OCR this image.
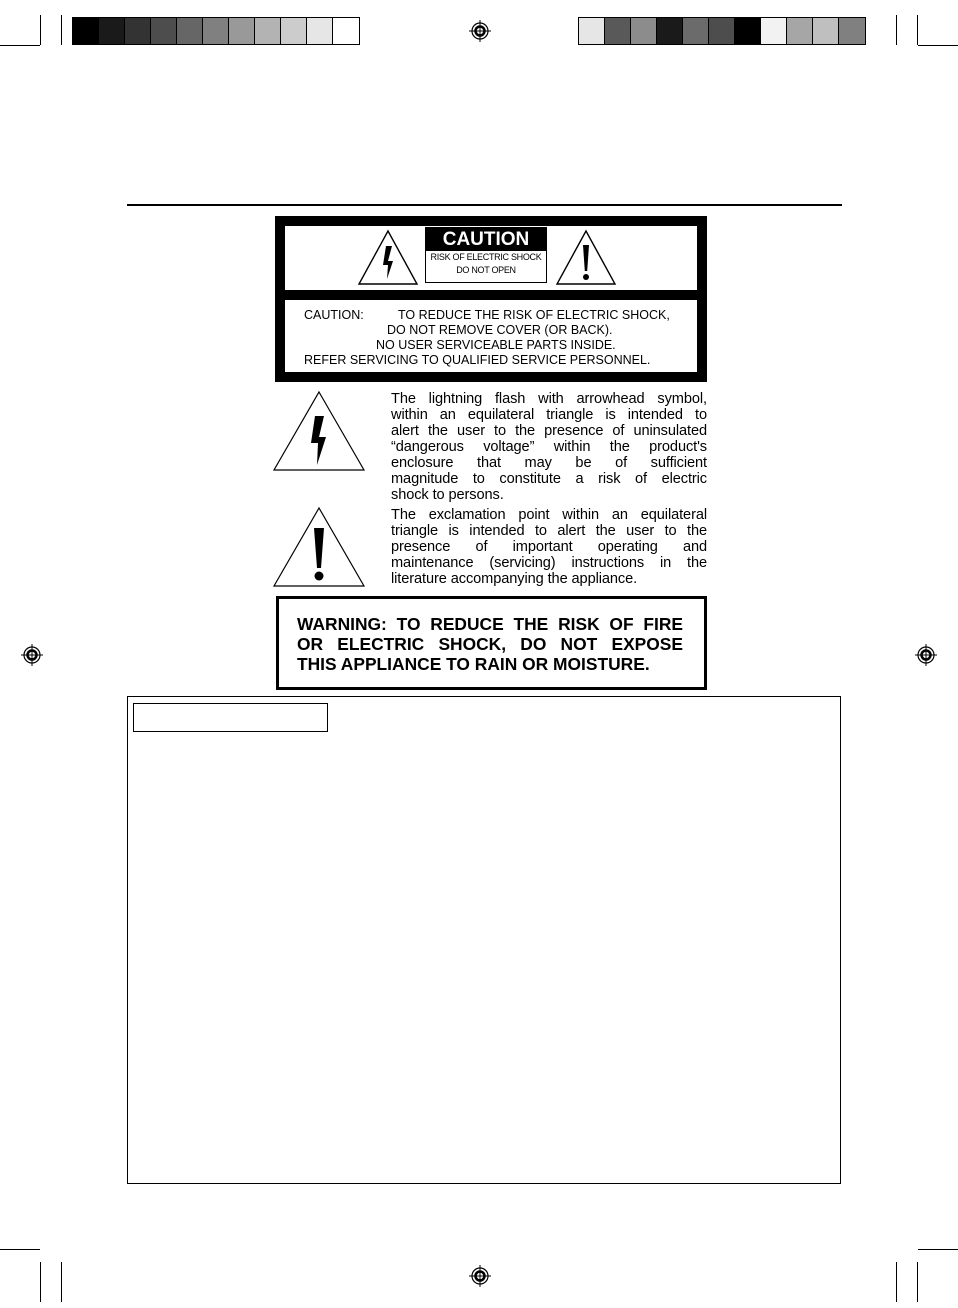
CAUTION
RISK OF ELECTRIC SHOCK
DO NOT OPEN
CAUTION:	TO REDUCE THE RISK OF ELECTRIC SHOCK,
DO NOT REMOVE COVER (OR BACK).
NO USER SERVICEABLE PARTS INSIDE.
REFER SERVICING TO QUALIFIED SERVICE PERSONNEL.
The lightning flash with arrowhead symbol,
within an equilateral triangle is intended to
alert the user to the presence of uninsulated
“dangerous voltage” within the product's
enclosure that may be of sufficient
magnitude to constitute a risk of electric
shock to persons.
The exclamation point within an equilateral
triangle is intended to alert the user to the
presence of important operating and
maintenance (servicing) instructions in the
literature accompanying the appliance.
WARNING: TO REDUCE THE RISK OF FIRE
OR ELECTRIC SHOCK, DO NOT EXPOSE
THIS APPLIANCE TO RAIN OR MOISTURE.
